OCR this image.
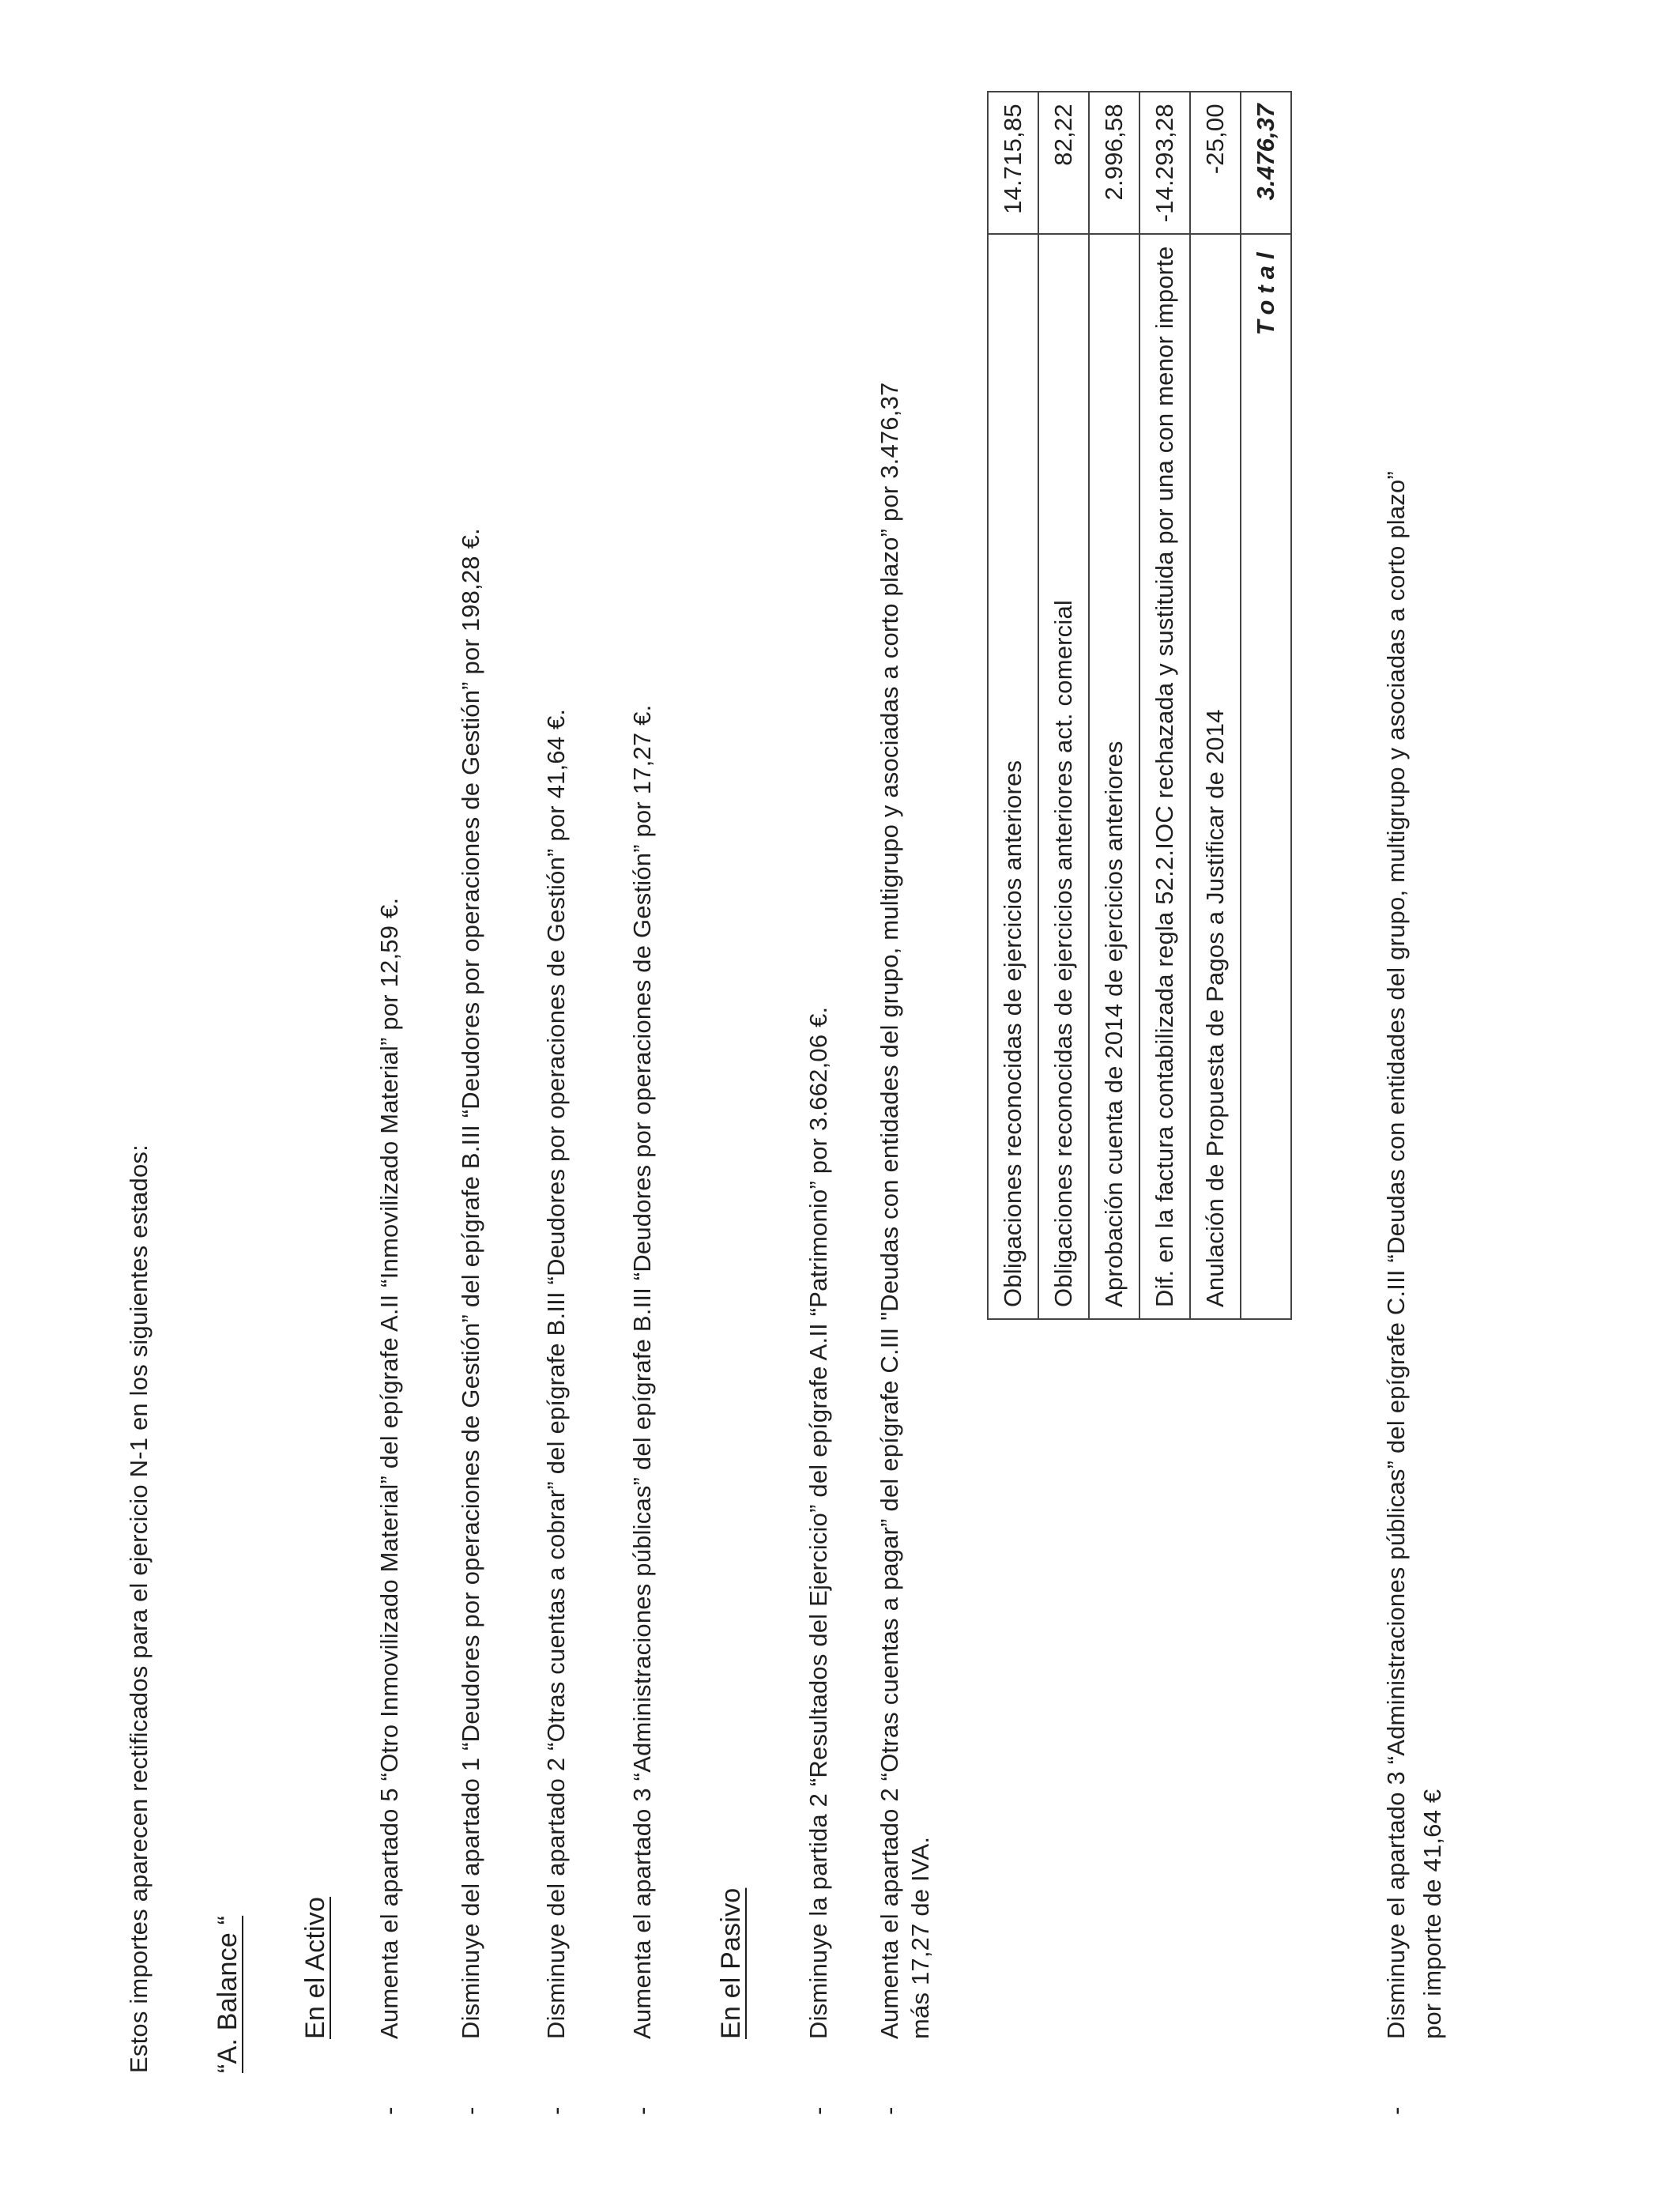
Estos importes aparecen rectificados para el ejercicio N-1 en los siguientes estados: “A. Balance “ En el Activo
-
Aumenta el apartado 5 “Otro Inmovilizado Material” del epígrafe A.II “Inmovilizado Material” por 12,59 €.
-
Disminuye del apartado 1 “Deudores por operaciones de Gestión” del epígrafe B.III “Deudores por operaciones de Gestión” por 198,28 €.
-
Disminuye del apartado 2 “Otras cuentas a cobrar” del epígrafe B.III “Deudores por operaciones de Gestión” por 41,64 €.
-
Aumenta el apartado 3 “Administraciones públicas” del epígrafe B.III “Deudores por operaciones de Gestión” por 17,27 €. En el Pasivo
-
Disminuye la partida 2 “Resultados del Ejercicio” del epígrafe A.II “Patrimonio” por 3.662,06 €.
-
Aumenta el apartado 2 “Otras cuentas a pagar” del epígrafe C.III "Deudas con entidades del grupo, multigrupo y asociadas a corto plazo” por 3.476,37 más 17,27 de IVA.
Obligaciones reconocidas de ejercicios anteriores	14.715,85
Obligaciones reconocidas de ejercicios anteriores act. comercial	82,22
Aprobación cuenta de 2014 de ejercicios anteriores	2.996,58
Dif. en la factura contabilizada regla 52.2.IOC rechazada y sustituida por una con menor importe	-14.293,28
Anulación de Propuesta de Pagos a Justificar de 2014	-25,00
Total	3.476,37
-
Disminuye el apartado 3 “Administraciones públicas” del epígrafe C.III “Deudas con entidades del grupo, multigrupo y asociadas a corto plazo” por importe de 41,64 €
